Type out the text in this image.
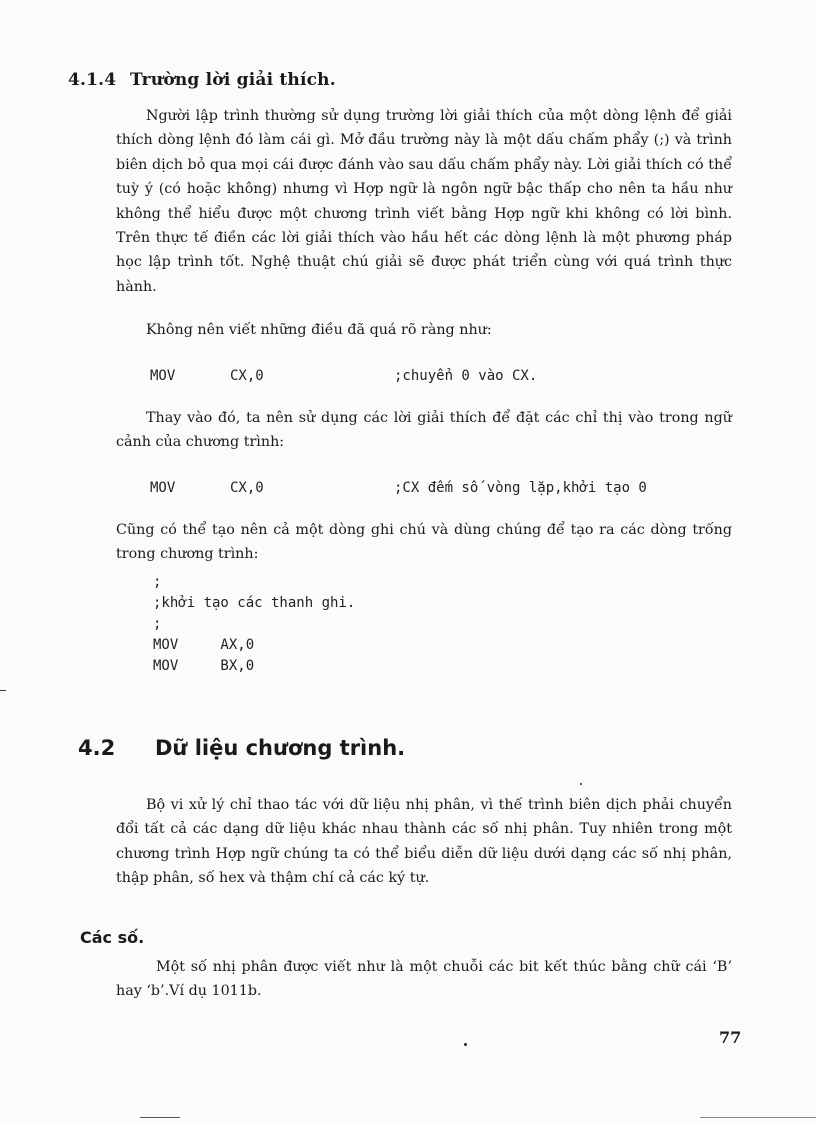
4.1.4 Trường lời giải thích.

Người lập trình thường sử dụng trường lời giải thích của một dòng lệnh để giải thích dòng lệnh đó làm cái gì. Mở đầu trường này là một dấu chấm phẩy (;) và trình biên dịch bỏ qua mọi cái được đánh vào sau dấu chấm phẩy này. Lời giải thích có thể tuỳ ý (có hoặc không) nhưng vì Hợp ngữ là ngôn ngữ bậc thấp cho nên ta hầu như không thể hiểu được một chương trình viết bằng Hợp ngữ khi không có lời bình. Trên thực tế điền các lời giải thích vào hầu hết các dòng lệnh là một phương pháp học lập trình tốt. Nghệ thuật chú giải sẽ được phát triển cùng với quá trình thực hành.

Không nên viết những điều đã quá rõ ràng như:

MOV	CX,0	;chuyển 0 vào CX.

Thay vào đó, ta nên sử dụng các lời giải thích để đặt các chỉ thị vào trong ngữ cảnh của chương trình:

MOV	CX,0	;CX đếm số vòng lặp,khởi tạo 0

Cũng có thể tạo nên cả một dòng ghi chú và dùng chúng để tạo ra các dòng trống trong chương trình:

;
;khởi tạo các thanh ghi.
;
MOV     AX,0
MOV     BX,0
4.2 Dữ liệu chương trình.

Bộ vi xử lý chỉ thao tác với dữ liệu nhị phân, vì thế trình biên dịch phải chuyển đổi tất cả các dạng dữ liệu khác nhau thành các số nhị phân. Tuy nhiên trong một chương trình Hợp ngữ chúng ta có thể biểu diễn dữ liệu dưới dạng các số nhị phân, thập phân, số hex và thậm chí cả các ký tự.

Các số.

Một số nhị phân được viết như là một chuỗi các bit kết thúc bằng chữ cái ‘B’ hay ‘b’.Ví dụ 1011b.

77
